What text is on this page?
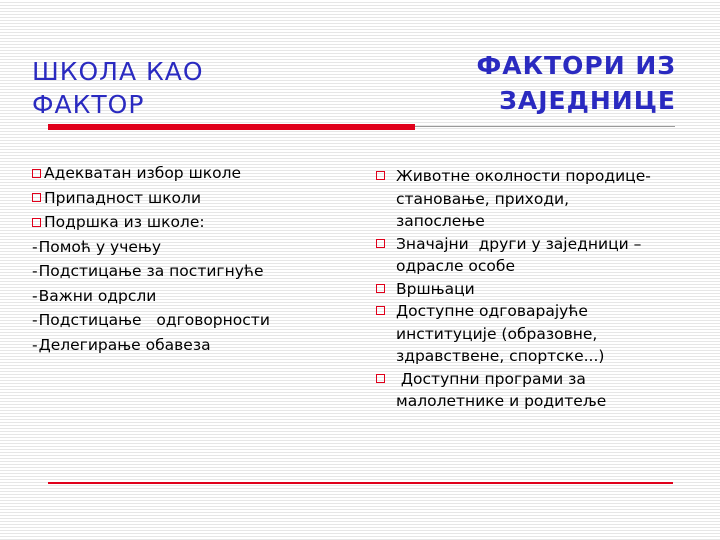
ШКОЛА КАО
ФАКТОР
ФАКТОРИ ИЗ
ЗАЈЕДНИЦЕ
Адекватан избор школе
Припадност школи
Подршка из школе:
- Помоћ у учењу
- Подстицање за постигнуће
- Важни одрсли
- Подстицање   одговорности
- Делегирање обавеза
Животне околности породице-
становање, приходи,
запослење
Значајни  други у заједници –
одрасле особе
Вршњаци
Доступне одговарајуће
институције (образовне,
здравствене, спортске...)
Доступни програми за
малолетнике и родитеље
